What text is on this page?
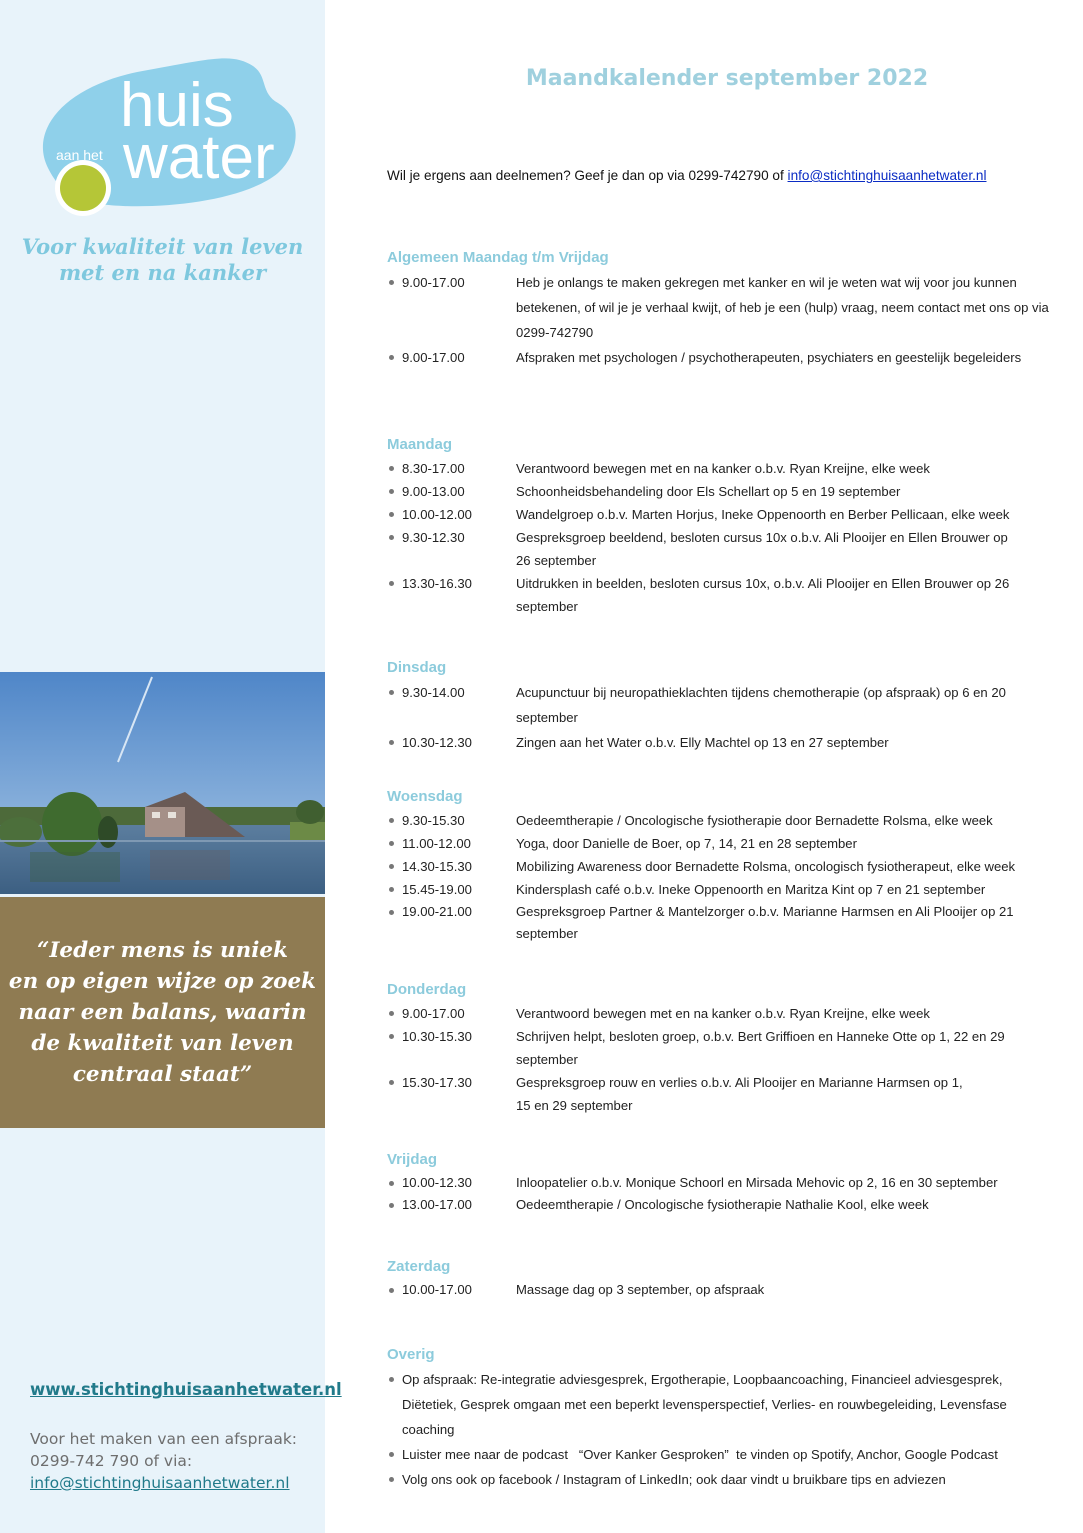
huis
aan het water
Voor kwaliteit van leven
met en na kanker
“Ieder mens is uniek
en op eigen wijze op zoek
naar een balans, waarin
de kwaliteit van leven
centraal staat”
www.stichtinghuisaanhetwater.nl
Voor het maken van een afspraak:
0299-742 790 of via:
info@stichtinghuisaanhetwater.nl
Maandkalender september 2022

Wil je ergens aan deelnemen? Geef je dan op via 0299-742790 of info@stichtinghuisaanhetwater.nl

Algemeen Maandag t/m Vrijdag
9.00-17.00	Heb je onlangs te maken gekregen met kanker en wil je weten wat wij voor jou kunnen betekenen, of wil je je verhaal kwijt, of heb je een (hulp) vraag, neem contact met ons op via 0299-742790
9.00-17.00	Afspraken met psychologen / psychotherapeuten, psychiaters en geestelijk begeleiders
Maandag
8.30-17.00	Verantwoord bewegen met en na kanker o.b.v. Ryan Kreijne, elke week
9.00-13.00	Schoonheidsbehandeling door Els Schellart op 5 en 19 september
10.00-12.00	Wandelgroep o.b.v. Marten Horjus, Ineke Oppenoorth en Berber Pellicaan, elke week
9.30-12.30	Gespreksgroep beeldend, besloten cursus 10x o.b.v. Ali Plooijer en Ellen Brouwer op 26 september
13.30-16.30	Uitdrukken in beelden, besloten cursus 10x, o.b.v. Ali Plooijer en Ellen Brouwer op 26 september
Dinsdag
9.30-14.00	Acupunctuur bij neuropathieklachten tijdens chemotherapie (op afspraak) op 6 en 20 september
10.30-12.30	Zingen aan het Water o.b.v. Elly Machtel op 13 en 27 september
Woensdag
9.30-15.30	Oedeemtherapie / Oncologische fysiotherapie door Bernadette Rolsma, elke week
11.00-12.00	Yoga, door Danielle de Boer, op 7, 14, 21 en 28 september
14.30-15.30	Mobilizing Awareness door Bernadette Rolsma, oncologisch fysiotherapeut, elke week
15.45-19.00	Kindersplash café o.b.v. Ineke Oppenoorth en Maritza Kint op 7 en 21 september
19.00-21.00	Gespreksgroep Partner & Mantelzorger o.b.v. Marianne Harmsen en Ali Plooijer op 21 september
Donderdag
9.00-17.00	Verantwoord bewegen met en na kanker o.b.v. Ryan Kreijne, elke week
10.30-15.30	Schrijven helpt, besloten groep, o.b.v. Bert Griffioen en Hanneke Otte op 1, 22 en 29 september
15.30-17.30	Gespreksgroep rouw en verlies o.b.v. Ali Plooijer en Marianne Harmsen op 1, 15 en 29 september
Vrijdag
10.00-12.30	Inloopatelier o.b.v. Monique Schoorl en Mirsada Mehovic op 2, 16 en 30 september
13.00-17.00	Oedeemtherapie / Oncologische fysiotherapie Nathalie Kool, elke week
Zaterdag
10.00-17.00	Massage dag op 3 september, op afspraak
Overig
Op afspraak: Re-integratie adviesgesprek, Ergotherapie, Loopbaancoaching, Financieel adviesgesprek, Diëtetiek, Gesprek omgaan met een beperkt levensperspectief, Verlies- en rouwbegeleiding, Levensfase coaching
Luister mee naar de podcast   “Over Kanker Gesproken”  te vinden op Spotify, Anchor, Google Podcast
Volg ons ook op facebook / Instagram of LinkedIn; ook daar vindt u bruikbare tips en adviezen
